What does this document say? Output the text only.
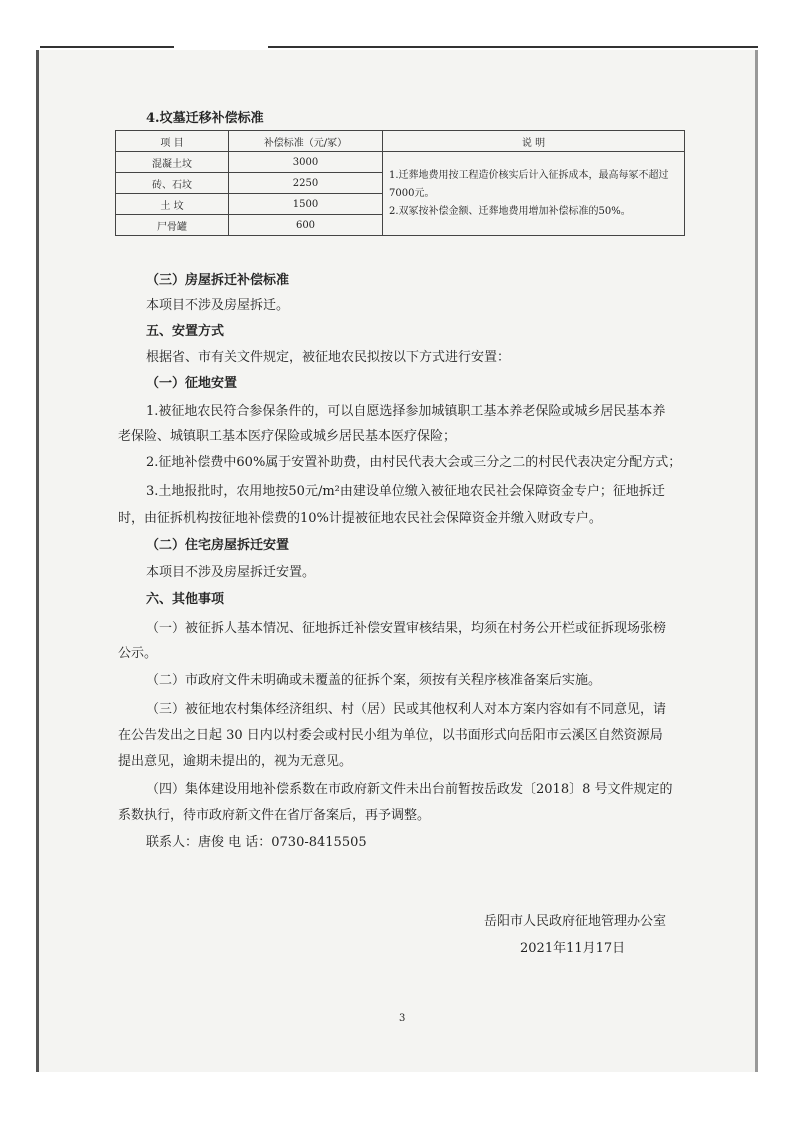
4.坟墓迁移补偿标准
项 目	补偿标准（元/冢）	说 明
混凝土坟	3000	1.迁葬地费用按工程造价核实后计入征拆成本，最高每冢不超过7000元。
2.双冢按补偿金额、迁葬地费用增加补偿标准的50%。

砖、石坟	2250	
土 坟	1500	
尸骨罐	600	
（三）房屋拆迁补偿标准
本项目不涉及房屋拆迁。
五、安置方式
根据省、市有关文件规定，被征地农民拟按以下方式进行安置：
（一）征地安置
1.被征地农民符合参保条件的，可以自愿选择参加城镇职工基本养老保险或城乡居民基本养
老保险、城镇职工基本医疗保险或城乡居民基本医疗保险；
2.征地补偿费中60%属于安置补助费，由村民代表大会或三分之二的村民代表决定分配方式；
3.土地报批时，农用地按50元/m²由建设单位缴入被征地农民社会保障资金专户；征地拆迁
时，由征拆机构按征地补偿费的10%计提被征地农民社会保障资金并缴入财政专户。
（二）住宅房屋拆迁安置
本项目不涉及房屋拆迁安置。
六、其他事项
（一）被征拆人基本情况、征地拆迁补偿安置审核结果，均须在村务公开栏或征拆现场张榜
公示。
（二）市政府文件未明确或未覆盖的征拆个案，须按有关程序核准备案后实施。
（三）被征地农村集体经济组织、村（居）民或其他权利人对本方案内容如有不同意见，请
在公告发出之日起 30 日内以村委会或村民小组为单位，以书面形式向岳阳市云溪区自然资源局
提出意见，逾期未提出的，视为无意见。
（四）集体建设用地补偿系数在市政府新文件未出台前暂按岳政发〔2018〕8 号文件规定的
系数执行，待市政府新文件在省厅备案后，再予调整。
联系人：唐俊 电 话：0730-8415505
岳阳市人民政府征地管理办公室
2021年11月17日
3
